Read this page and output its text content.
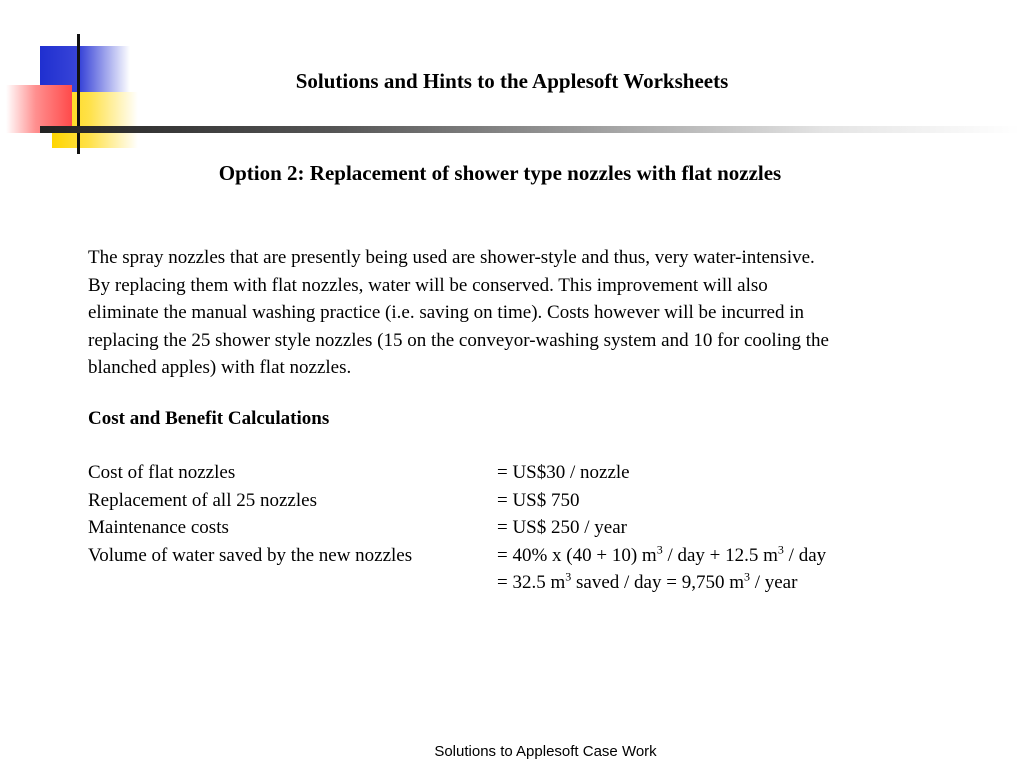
Solutions and Hints to the Applesoft Worksheets
Option 2: Replacement of shower type nozzles with flat nozzles

The spray nozzles that are presently being used are shower-style and thus, very water-intensive.

By replacing them with flat nozzles, water will be conserved. This improvement will also

eliminate the manual washing practice (i.e. saving on time). Costs however will be incurred in

replacing the 25 shower style nozzles (15 on the conveyor-washing system and 10 for cooling the

blanched apples) with flat nozzles.

Cost and Benefit Calculations
Cost of flat nozzles	= US$30 / nozzle
Replacement of all 25 nozzles	= US$ 750
Maintenance costs	= US$ 250 / year
Volume of water saved by the new nozzles	= 40% x (40 + 10) $m^3$ / day + 12.5 $m^3$ / day
= 32.5 $m^3$ saved / day = 9,750 $m^3$ / year
Solutions to Applesoft Case Work
